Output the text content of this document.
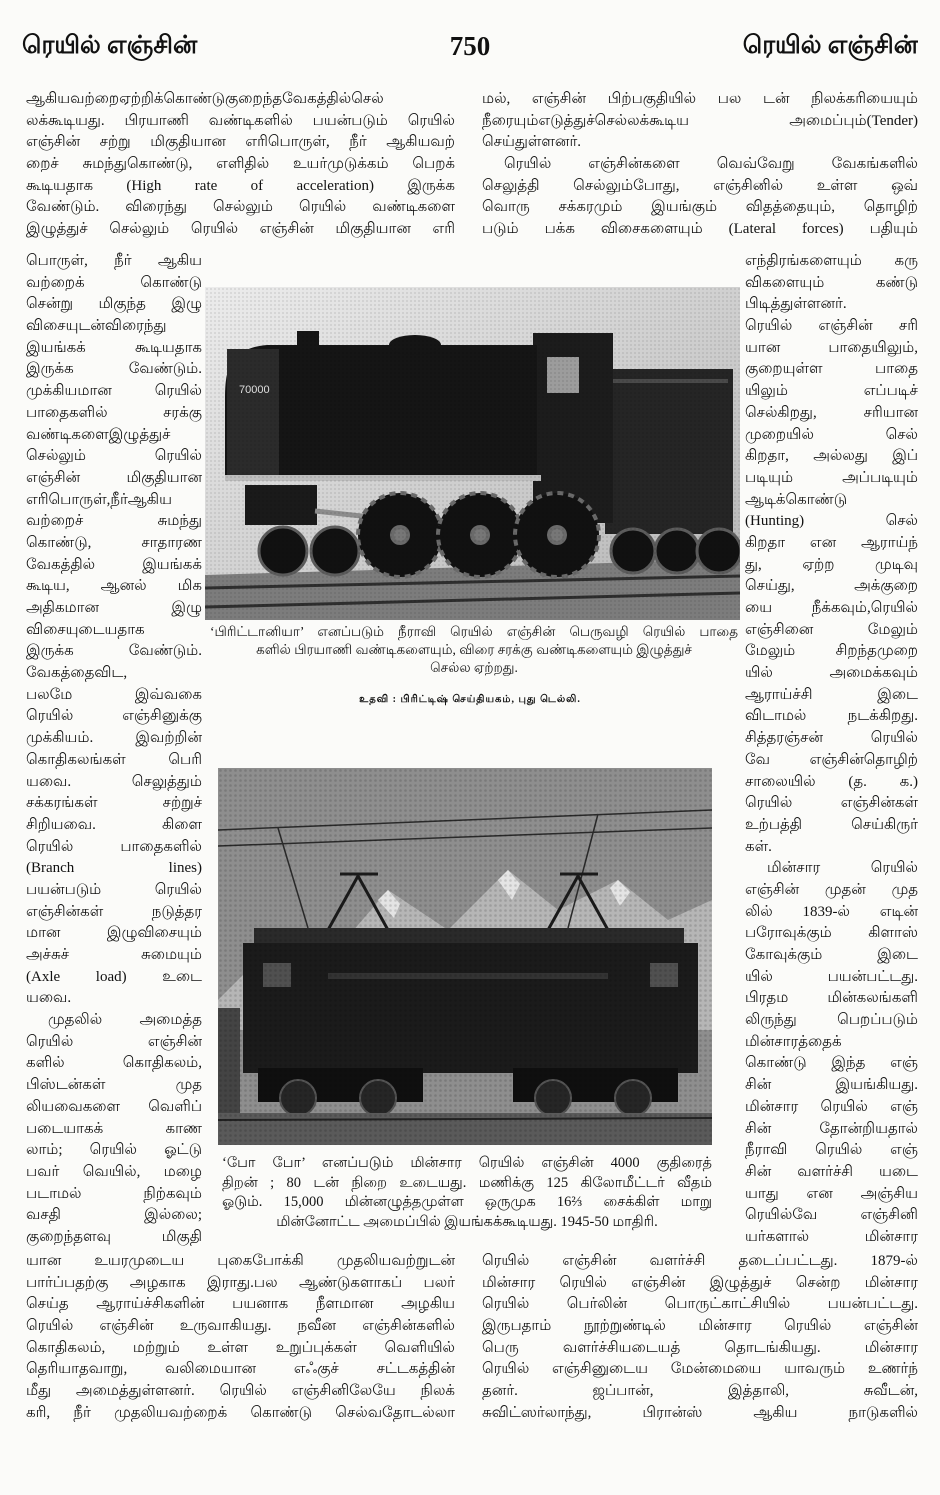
ரெயில் எஞ்சின்	750	ரெயில் எஞ்சின்
ஆகியவற்றைஏற்றிக்கொண்டுகுறைந்தவேகத்தில்செல்
லக்கூடியது. பிரயாணி வண்டிகளில் பயன்படும் ரெயில்
எஞ்சின் சற்று மிகுதியான எரிபொருள், நீர் ஆகியவற்
றைச் சுமந்துகொண்டு, எளிதில் உயர்முடுக்கம் பெறக்
கூடியதாக (High rate of acceleration) இருக்க
வேண்டும். விரைந்து செல்லும் ரெயில் வண்டிகளை
இழுத்துச் செல்லும் ரெயில் எஞ்சின் மிகுதியான எரி
பொருள், நீர் ஆகிய
வற்றைக் கொண்டு
சென்று மிகுந்த இழு
விசையுடன்விரைந்து
இயங்கக் கூடியதாக
இருக்க வேண்டும்.
முக்கியமான ரெயில்
பாதைகளில் சரக்கு
வண்டிகளைஇழுத்துச்
செல்லும் ரெயில்
எஞ்சின் மிகுதியான
எரிபொருள்,நீர்ஆகிய
வற்றைச் சுமந்து
கொண்டு, சாதாரண
வேகத்தில் இயங்கக்
கூடிய, ஆனல் மிக
அதிகமான இழு
விசையுடையதாக
இருக்க வேண்டும்.
வேகத்தைவிட,
பலமே இவ்வகை
ரெயில் எஞ்சினுக்கு
முக்கியம். இவற்றின்
கொதிகலங்கள் பெரி
யவை. செலுத்தும்
சக்கரங்கள் சற்றுச்
சிறியவை. கிளை
ரெயில் பாதைகளில்
(Branch lines)
பயன்படும் ரெயில்
எஞ்சின்கள் நடுத்தர
மான இழுவிசையும்
அச்சுச் சுமையும்
(Axle load) உடை
யவை.
முதலில் அமைத்த
ரெயில் எஞ்சின்
களில் கொதிகலம்,
பிஸ்டன்கள் முத
லியவைகளை வெளிப்
படையாகக் காண
லாம்; ரெயில் ஓட்டு
பவர் வெயில், மழை
படாமல் நிற்கவும்
வசதி இல்லை;
குறைந்தளவு மிகுதி
யான உயரமுடைய புகைபோக்கி முதலியவற்றுடன்
பார்ப்பதற்கு அழகாக இராது.பல ஆண்டுகளாகப் பலர்
செய்த ஆராய்ச்சிகளின் பயனாக நீளமான அழகிய
ரெயில் எஞ்சின் உருவாகியது. நவீன எஞ்சின்களில்
கொதிகலம், மற்றும் உள்ள உறுப்புக்கள் வெளியில்
தெரியாதவாறு, வலிமையான எஃகுச் சட்டகத்தின்
மீது அமைத்துள்ளனர். ரெயில் எஞ்சினிலேயே நிலக்
கரி, நீர் முதலியவற்றைக் கொண்டு செல்வதோடல்லா
மல், எஞ்சின் பிற்பகுதியில் பல டன் நிலக்கரியையும்
நீரையும்எடுத்துச்செல்லக்கூடிய அமைப்பும்(Tender)
செய்துள்ளனர்.
ரெயில் எஞ்சின்களை வெவ்வேறு வேகங்களில்
செலுத்தி செல்லும்போது, எஞ்சினில் உள்ள ஒவ்
வொரு சக்கரமும் இயங்கும் விதத்தையும், தொழிற்
படும் பக்க விசைகளையும் (Lateral forces) பதியும்
எந்திரங்களையும் கரு
விகளையும் கண்டு
பிடித்துள்ளனர்.
ரெயில் எஞ்சின் சரி
யான பாதையிலும்,
குறையுள்ள பாதை
யிலும் எப்படிச்
செல்கிறது, சரியான
முறையில் செல்
கிறதா, அல்லது இப்
படியும் அப்படியும்
ஆடிக்கொண்டு
(Hunting) செல்
கிறதா என ஆராய்ந்
து, ஏற்ற முடிவு
செய்து, அக்குறை
யை நீக்கவும்,ரெயில்
எஞ்சினை மேலும்
மேலும் சிறந்தமுறை
யில் அமைக்கவும்
ஆராய்ச்சி இடை
விடாமல் நடக்கிறது.
சித்தரஞ்சன் ரெயில்
வே எஞ்சின்தொழிற்
சாலையில் (த. க.)
ரெயில் எஞ்சின்கள்
உற்பத்தி செய்கிருர்
கள்.
மின்சார ரெயில்
எஞ்சின் முதன் முத
லில் 1839-ல் எடின்
பரோவுக்கும் கிளாஸ்
கோவுக்கும் இடை
யில் பயன்பட்டது.
பிரதம மின்கலங்களி
லிருந்து பெறப்படும்
மின்சாரத்தைக்
கொண்டு இந்த எஞ்
சின் இயங்கியது.
மின்சார ரெயில் எஞ்
சின் தோன்றியதால்
நீராவி ரெயில் எஞ்
சின் வளர்ச்சி யடை
யாது என அஞ்சிய
ரெயில்வே எஞ்சினி
யர்களால் மின்சார
ரெயில் எஞ்சின் வளர்ச்சி தடைப்பட்டது. 1879-ல்
மின்சார ரெயில் எஞ்சின் இழுத்துச் சென்ற மின்சார
ரெயில் பெர்லின் பொருட்காட்சியில் பயன்பட்டது.
இருபதாம் நூற்றுண்டில் மின்சார ரெயில் எஞ்சின்
பெரு வளர்ச்சியடையத் தொடங்கியது. மின்சார
ரெயில் எஞ்சினுடைய மேன்மையை யாவரும் உணர்ந்
தனர். ஜப்பான், இத்தாலி, சுவீடன்,
சுவிட்ஸர்லாந்து, பிரான்ஸ் ஆகிய நாடுகளில்
70000
‘பிரிட்டானியா’ எனப்படும் நீராவி ரெயில் எஞ்சின் பெருவழி ரெயில் பாதை
களில் பிரயாணி வண்டிகளையும், விரை சரக்கு வண்டிகளையும் இழுத்துச்
செல்ல ஏற்றது.
உதவி : பிரிட்டிஷ் செய்தியகம், புது டெல்லி.
‘போ போ’ எனப்படும் மின்சார ரெயில் எஞ்சின் 4000 குதிரைத்
திறன் ; 80 டன் நிறை உடையது. மணிக்கு 125 கிலோமீட்டர் வீதம்
ஓடும். 15,000 மின்னழுத்தமுள்ள ஒருமுக 16⅔ சைக்கிள் மாறு
மின்னோட்ட அமைப்பில் இயங்கக்கூடியது. 1945-50 மாதிரி.
